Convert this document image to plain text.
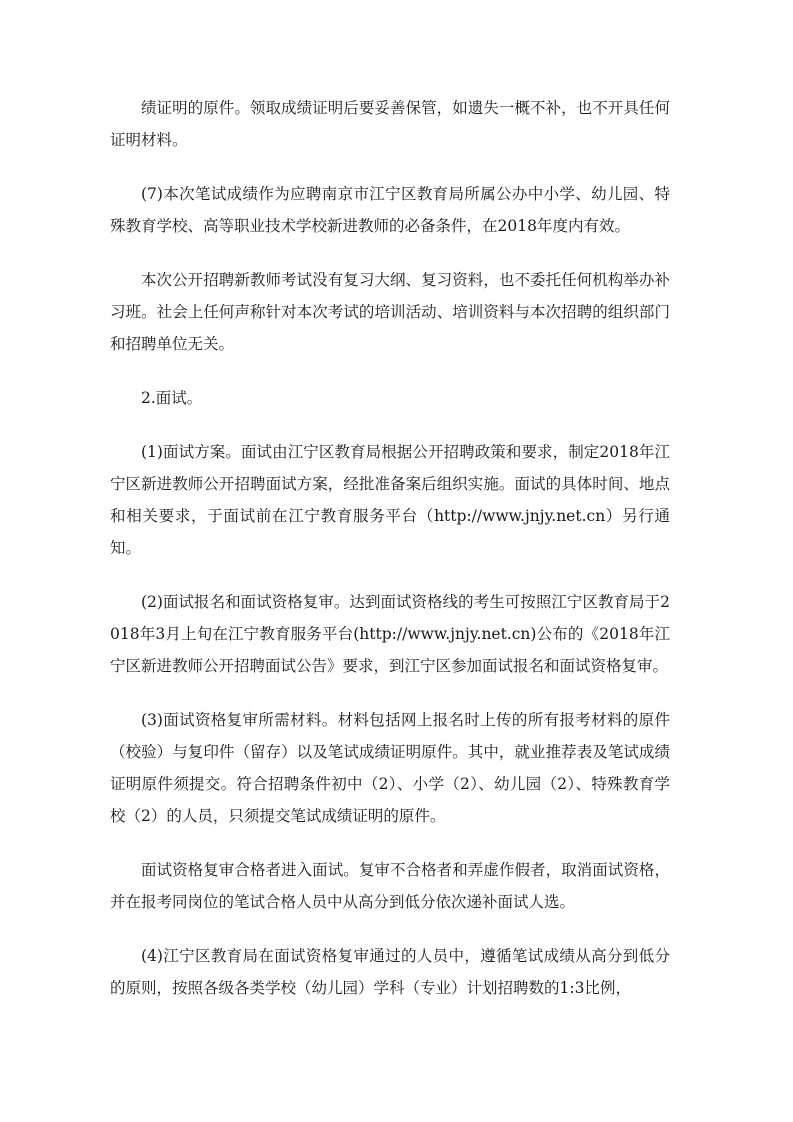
绩证明的原件。领取成绩证明后要妥善保管，如遗失一概不补，也不开具任何证明材料。

(7)本次笔试成绩作为应聘南京市江宁区教育局所属公办中小学、幼儿园、特殊教育学校、高等职业技术学校新进教师的必备条件，在2018年度内有效。

本次公开招聘新教师考试没有复习大纲、复习资料，也不委托任何机构举办补习班。社会上任何声称针对本次考试的培训活动、培训资料与本次招聘的组织部门和招聘单位无关。

2.面试。

(1)面试方案。面试由江宁区教育局根据公开招聘政策和要求，制定2018年江宁区新进教师公开招聘面试方案，经批准备案后组织实施。面试的具体时间、地点和相关要求，于面试前在江宁教育服务平台（http://www.jnjy.net.cn）另行通知。

(2)面试报名和面试资格复审。达到面试资格线的考生可按照江宁区教育局于2018年3月上旬在江宁教育服务平台(http://www.jnjy.net.cn)公布的《2018年江宁区新进教师公开招聘面试公告》要求，到江宁区参加面试报名和面试资格复审。

(3)面试资格复审所需材料。材料包括网上报名时上传的所有报考材料的原件（校验）与复印件（留存）以及笔试成绩证明原件。其中，就业推荐表及笔试成绩证明原件须提交。符合招聘条件初中（2）、小学（2）、幼儿园（2）、特殊教育学校（2）的人员，只须提交笔试成绩证明的原件。

面试资格复审合格者进入面试。复审不合格者和弄虚作假者，取消面试资格，并在报考同岗位的笔试合格人员中从高分到低分依次递补面试人选。

(4)江宁区教育局在面试资格复审通过的人员中，遵循笔试成绩从高分到低分的原则，按照各级各类学校（幼儿园）学科（专业）计划招聘数的1:3比例，
